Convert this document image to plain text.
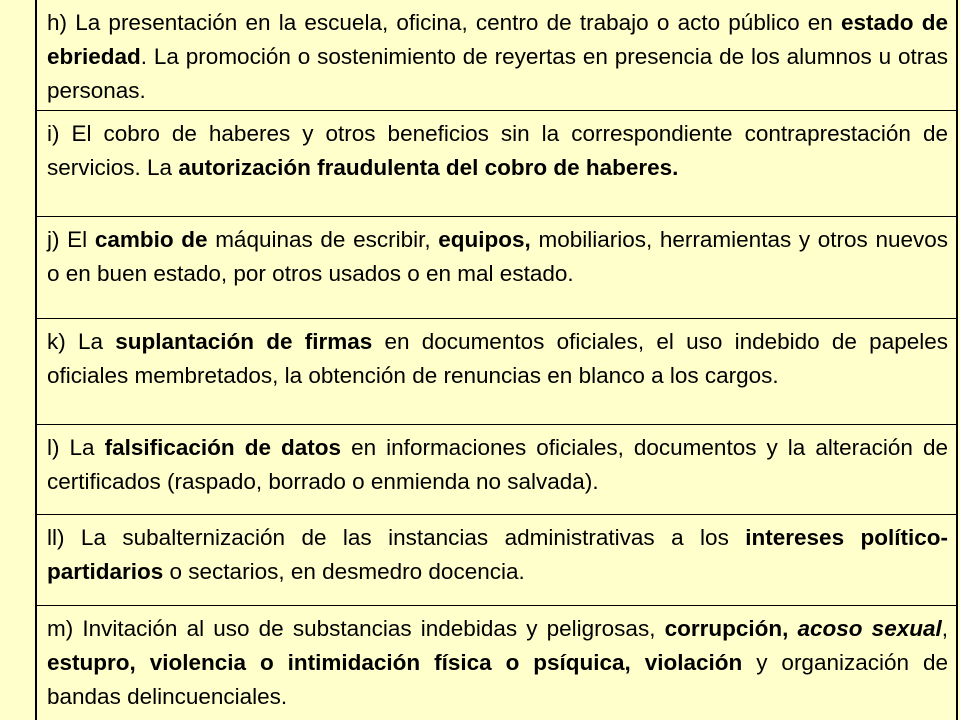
h) La presentación en la escuela, oficina, centro de trabajo o acto público en estado de ebriedad. La promoción o sostenimiento de reyertas en presencia de los alumnos u otras personas.
i) El cobro de haberes y otros beneficios sin la correspondiente contraprestación de servicios. La autorización fraudulenta del cobro de haberes.
j) El cambio de máquinas de escribir, equipos, mobiliarios, herramientas y otros nuevos o en buen estado, por otros usados o en mal estado.
k) La suplantación de firmas en documentos oficiales, el uso indebido de papeles oficiales membretados, la obtención de renuncias en blanco a los cargos.
l) La falsificación de datos en informaciones oficiales, documentos y la alteración de certificados (raspado, borrado o enmienda no salvada).
ll) La subalternización de las instancias administrativas a los intereses político-partidarios o sectarios, en desmedro docencia.
m) Invitación al uso de substancias indebidas y peligrosas, corrupción, acoso sexual, estupro, violencia o intimidación física o psíquica, violación y organización de bandas delincuenciales.
